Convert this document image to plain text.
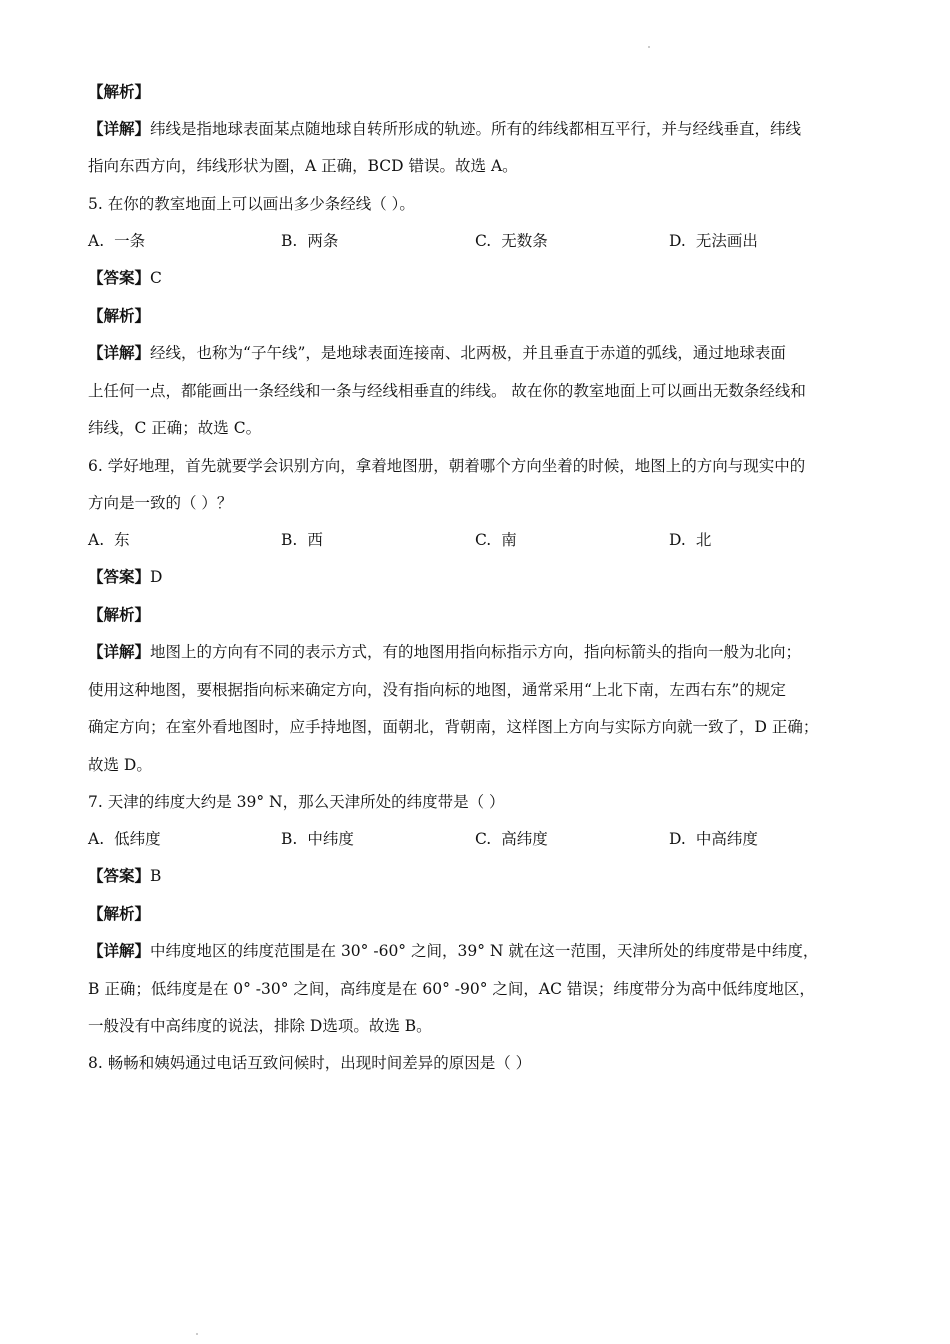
【解析】
【详解】纬线是指地球表面某点随地球自转所形成的轨迹。所有的纬线都相互平行，并与经线垂直，纬线
指向东西方向，纬线形状为圈，A 正确，BCD 错误。故选 A。
5. 在你的教室地面上可以画出多少条经线（ ）。
A. 一条	B. 两条	C. 无数条	D. 无法画出
【答案】C
【解析】
【详解】经线，也称为“子午线”，是地球表面连接南、北两极，并且垂直于赤道的弧线，通过地球表面
上任何一点，都能画出一条经线和一条与经线相垂直的纬线。 故在你的教室地面上可以画出无数条经线和
纬线，C 正确；故选 C。
6. 学好地理，首先就要学会识别方向，拿着地图册，朝着哪个方向坐着的时候，地图上的方向与现实中的
方向是一致的（ ）？
A. 东	B. 西	C. 南	D. 北
【答案】D
【解析】
【详解】地图上的方向有不同的表示方式，有的地图用指向标指示方向，指向标箭头的指向一般为北向；
使用这种地图，要根据指向标来确定方向，没有指向标的地图，通常采用“上北下南，左西右东”的规定
确定方向；在室外看地图时，应手持地图，面朝北，背朝南，这样图上方向与实际方向就一致了，D 正确；
故选 D。
7. 天津的纬度大约是 39° N，那么天津所处的纬度带是（ ）
A. 低纬度	B. 中纬度	C. 高纬度	D. 中高纬度
【答案】B
【解析】
【详解】中纬度地区的纬度范围是在 30° -60° 之间，39° N 就在这一范围，天津所处的纬度带是中纬度，
B 正确；低纬度是在 0° -30° 之间，高纬度是在 60° -90° 之间，AC 错误；纬度带分为高中低纬度地区，
一般没有中高纬度的说法，排除 D选项。故选 B。
8. 畅畅和姨妈通过电话互致问候时，出现时间差异的原因是（ ）
